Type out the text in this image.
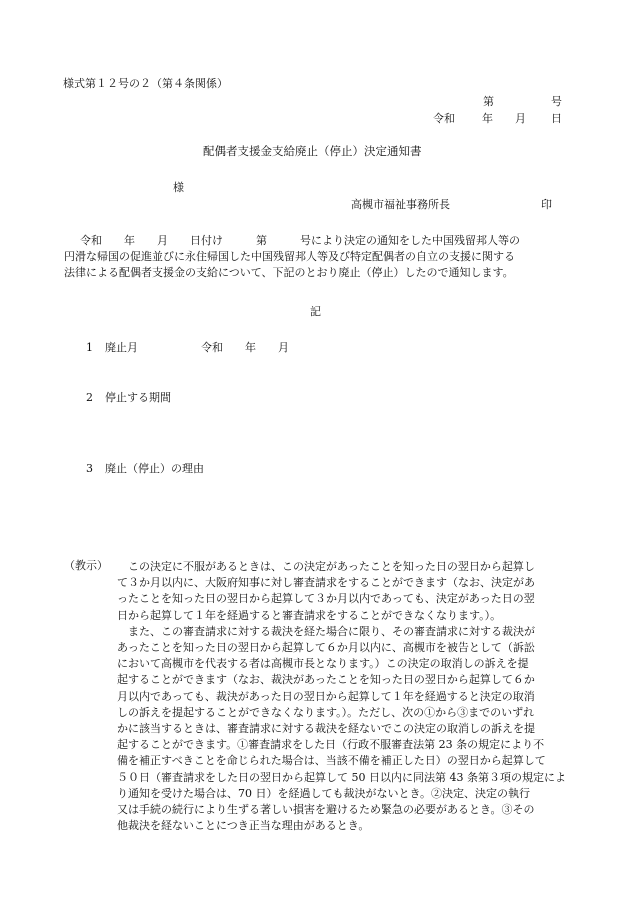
様式第１２号の２（第４条関係）
第	号
令和 年 月 日
配偶者支援金支給廃止（停止）決定通知書
様
高槻市福祉事務所長	印
令和　　年　　月　　日付け　　　第　　　号により決定の通知をした中国残留邦人等の
円滑な帰国の促進並びに永住帰国した中国残留邦人等及び特定配偶者の自立の支援に関する
法律による配偶者支援金の支給について、下記のとおり廃止（停止）したので通知します。
記
1 廃止月	令和　　年　　月
2 停止する期間
3 廃止（停止）の理由
（教示）	この決定に不服があるときは、この決定があったことを知った日の翌日から起算し
て３か月以内に、大阪府知事に対し審査請求をすることができます（なお、決定があ
ったことを知った日の翌日から起算して３か月以内であっても、決定があった日の翌
日から起算して１年を経過すると審査請求をすることができなくなります。）。
　また、この審査請求に対する裁決を経た場合に限り、その審査請求に対する裁決が
あったことを知った日の翌日から起算して６か月以内に、高槻市を被告として（訴訟
において高槻市を代表する者は高槻市長となります。）この決定の取消しの訴えを提
起することができます（なお、裁決があったことを知った日の翌日から起算して６か
月以内であっても、裁決があった日の翌日から起算して１年を経過すると決定の取消
しの訴えを提起することができなくなります。）。ただし、次の①から③までのいずれ
かに該当するときは、審査請求に対する裁決を経ないでこの決定の取消しの訴えを提
起することができます。①審査請求をした日（行政不服審査法第 23 条の規定により不
備を補正すべきことを命じられた場合は、当該不備を補正した日）の翌日から起算して
５０日（審査請求をした日の翌日から起算して 50 日以内に同法第 43 条第３項の規定によ
り通知を受けた場合は、70 日）を経過しても裁決がないとき。②決定、決定の執行
又は手続の続行により生ずる著しい損害を避けるため緊急の必要があるとき。③その
他裁決を経ないことにつき正当な理由があるとき。
